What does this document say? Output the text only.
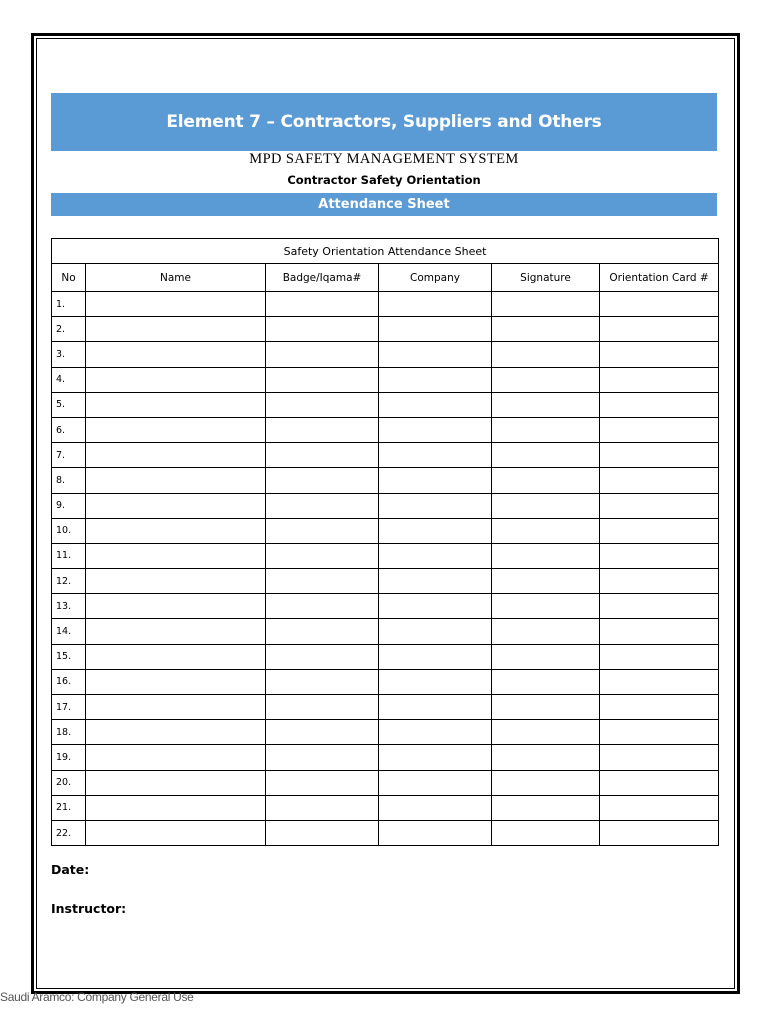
Element 7 – Contractors, Suppliers and Others
MPD SAFETY MANAGEMENT SYSTEM
Contractor Safety Orientation
Attendance Sheet
Safety Orientation Attendance Sheet					
No	Name	Badge/Iqama#	Company	Signature	Orientation Card #
1.					
2.					
3.					
4.					
5.					
6.					
7.					
8.					
9.					
10.					
11.					
12.					
13.					
14.					
15.					
16.					
17.					
18.					
19.					
20.					
21.					
22.					
Date:
Instructor:
Saudi Aramco: Company General Use
